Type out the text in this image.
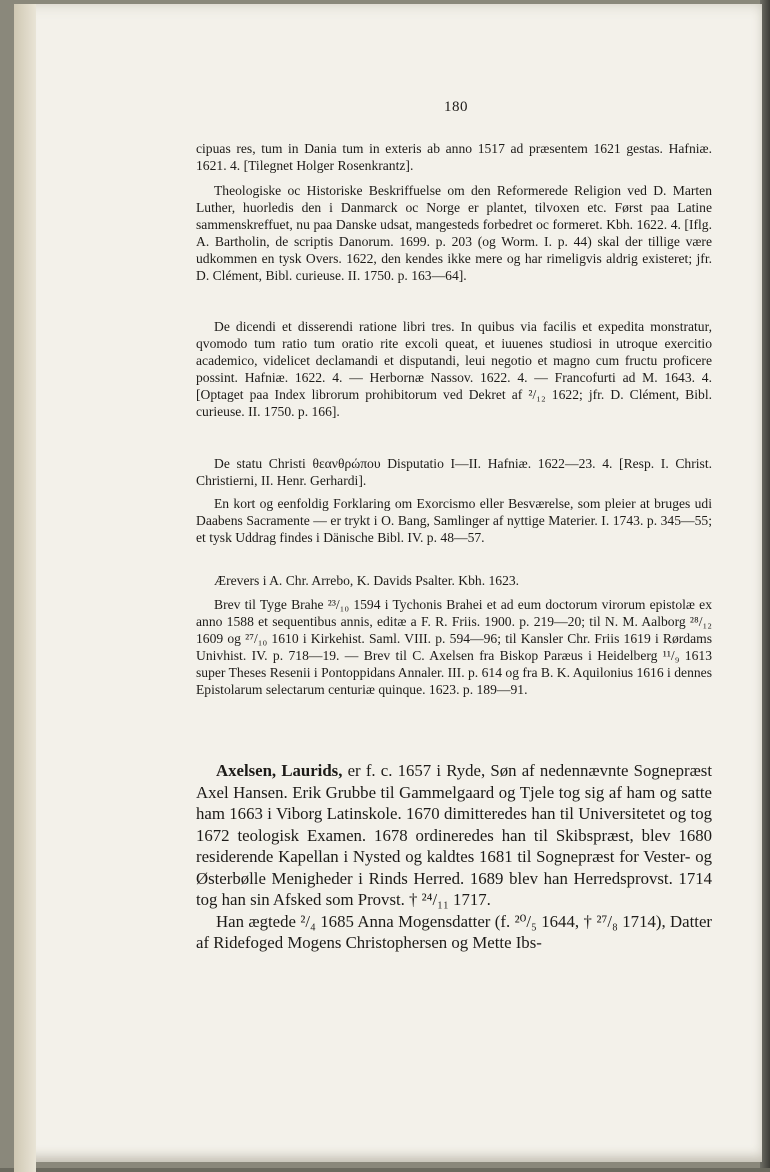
180
cipuas res, tum in Dania tum in exteris ab anno 1517 ad præsentem 1621 gestas. Hafniæ. 1621. 4. [Tilegnet Holger Rosenkrantz].
Theologiske oc Historiske Beskriffuelse om den Reformerede Religion ved D. Marten Luther, huorledis den i Danmarck oc Norge er plantet, tilvoxen etc. Først paa Latine sammenskreffuet, nu paa Danske udsat, mangesteds forbedret oc formeret. Kbh. 1622. 4. [Iflg. A. Bartholin, de scriptis Danorum. 1699. p. 203 (og Worm. I. p. 44) skal der tillige være udkommen en tysk Overs. 1622, den kendes ikke mere og har rimeligvis aldrig existeret; jfr. D. Clément, Bibl. curieuse. II. 1750. p. 163—64].
De dicendi et disserendi ratione libri tres. In quibus via facilis et expedita monstratur, qvomodo tum ratio tum oratio rite excoli queat, et iuuenes studiosi in utroque exercitio academico, videlicet declamandi et disputandi, leui negotio et magno cum fructu proficere possint. Hafniæ. 1622. 4. — Herbornæ Nassov. 1622. 4. — Francofurti ad M. 1643. 4. [Optaget paa Index librorum prohibitorum ved Dekret af ²/₁₂ 1622; jfr. D. Clément, Bibl. curieuse. II. 1750. p. 166].
De statu Christi θεανθρώπου Disputatio I—II. Hafniæ. 1622—23. 4. [Resp. I. Christ. Christierni, II. Henr. Gerhardi].
En kort og eenfoldig Forklaring om Exorcismo eller Besværelse, som pleier at bruges udi Daabens Sacramente — er trykt i O. Bang, Samlinger af nyttige Materier. I. 1743. p. 345—55; et tysk Uddrag findes i Dänische Bibl. IV. p. 48—57.
Ærevers i A. Chr. Arrebo, K. Davids Psalter. Kbh. 1623.
Brev til Tyge Brahe ²³/₁₀ 1594 i Tychonis Brahei et ad eum doctorum virorum epistolæ ex anno 1588 et sequentibus annis, editæ a F. R. Friis. 1900. p. 219—20; til N. M. Aalborg ²⁸/₁₂ 1609 og ²⁷/₁₀ 1610 i Kirkehist. Saml. VIII. p. 594—96; til Kansler Chr. Friis 1619 i Rørdams Univhist. IV. p. 718—19. — Brev til C. Axelsen fra Biskop Paræus i Heidelberg ¹¹/₉ 1613 super Theses Resenii i Pontoppidans Annaler. III. p. 614 og fra B. K. Aquilonius 1616 i dennes Epistolarum selectarum centuriæ quinque. 1623. p. 189—91.

Axelsen, Laurids, er f. c. 1657 i Ryde, Søn af nedennævnte Sognepræst Axel Hansen. Erik Grubbe til Gammelgaard og Tjele tog sig af ham og satte ham 1663 i Viborg Latinskole. 1670 dimitteredes han til Universitetet og tog 1672 teologisk Examen. 1678 ordineredes han til Skibspræst, blev 1680 residerende Kapellan i Nysted og kaldtes 1681 til Sognepræst for Vester- og Østerbølle Menigheder i Rinds Herred. 1689 blev han Herredsprovst. 1714 tog han sin Afsked som Provst. † ²⁴/₁₁ 1717.

Han ægtede ²/₄ 1685 Anna Mogensdatter (f. ²⁰/₅ 1644, † ²⁷/₈ 1714), Datter af Ridefoged Mogens Christophersen og Mette Ibs-
